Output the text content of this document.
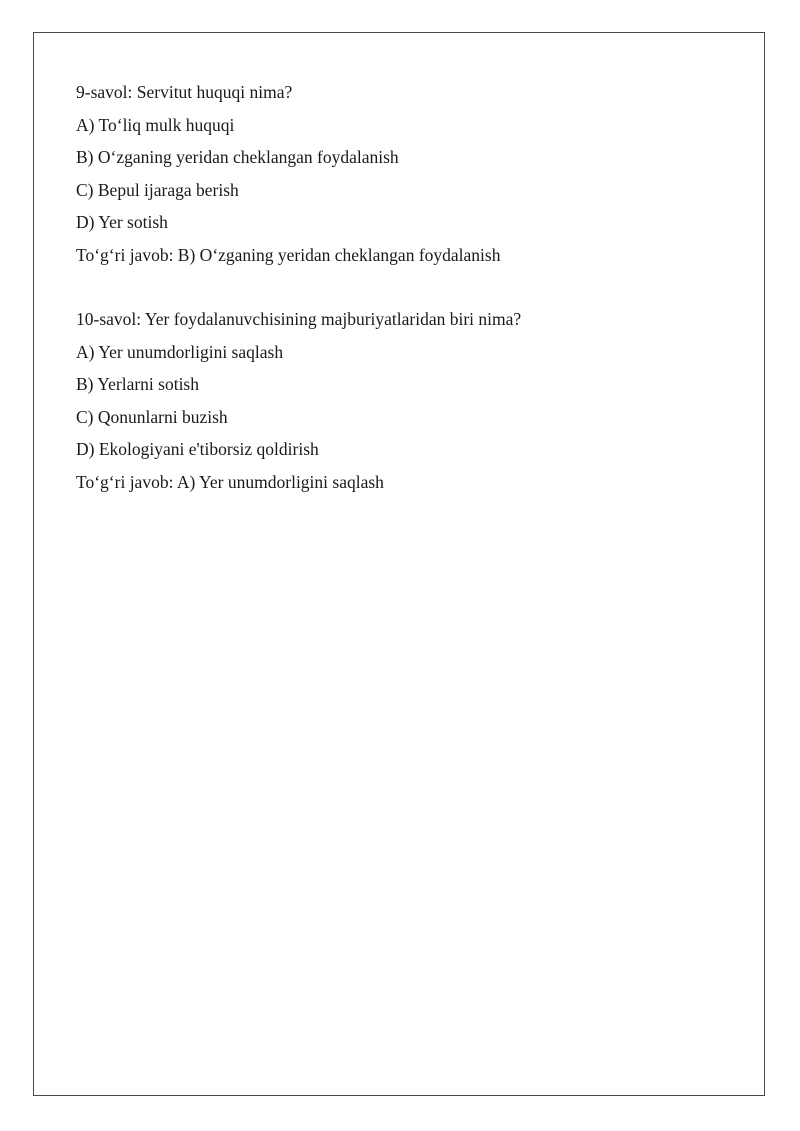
9-savol: Servitut huquqi nima?
A) To‘liq mulk huquqi
B) O‘zganing yeridan cheklangan foydalanish
C) Bepul ijaraga berish
D) Yer sotish
To‘g‘ri javob: B) O‘zganing yeridan cheklangan foydalanish
10-savol: Yer foydalanuvchisining majburiyatlaridan biri nima?
A) Yer unumdorligini saqlash
B) Yerlarni sotish
C) Qonunlarni buzish
D) Ekologiyani e'tiborsiz qoldirish
To‘g‘ri javob: A) Yer unumdorligini saqlash
